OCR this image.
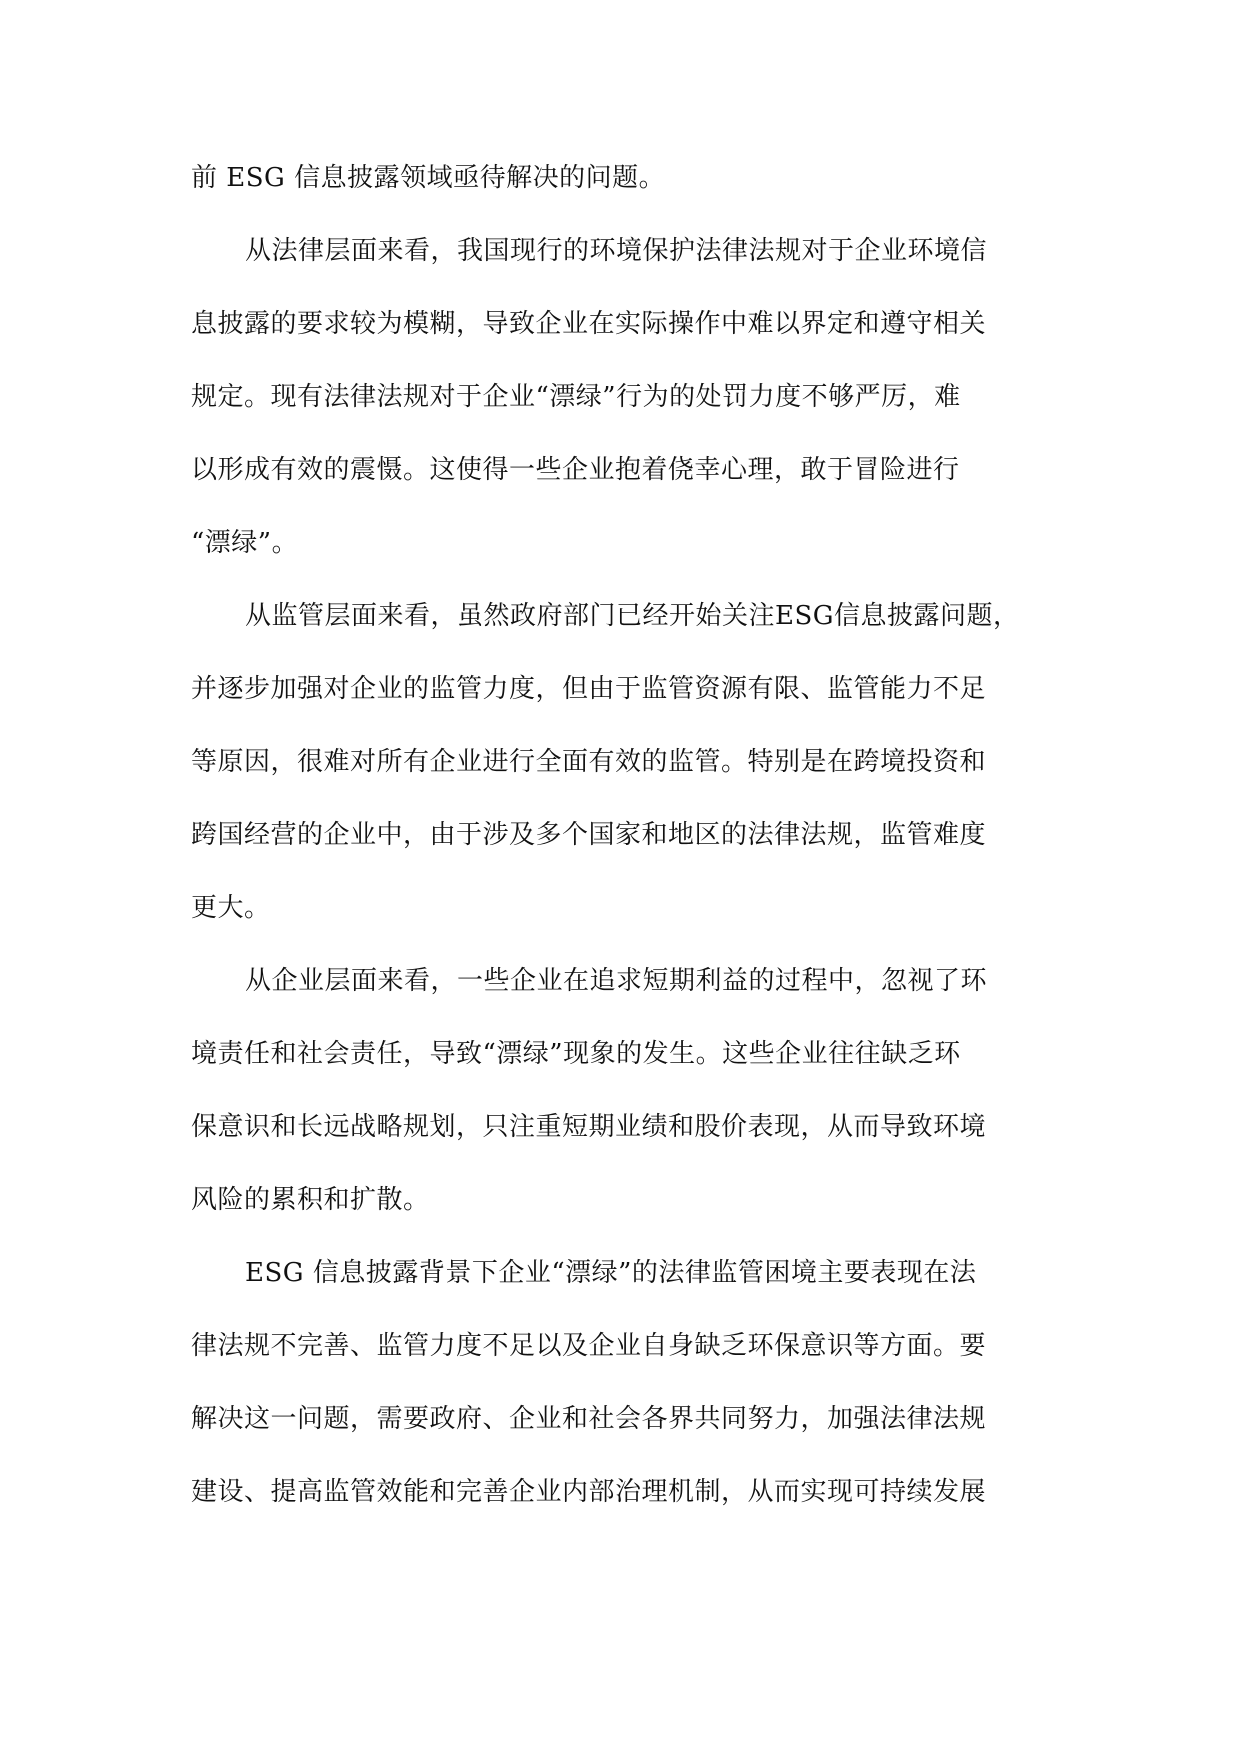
前 ESG 信息披露领域亟待解决的问题。
从法律层面来看，我国现行的环境保护法律法规对于企业环境信
息披露的要求较为模糊，导致企业在实际操作中难以界定和遵守相关
规定。现有法律法规对于企业“漂绿”行为的处罚力度不够严厉，难
以形成有效的震慑。这使得一些企业抱着侥幸心理，敢于冒险进行
“漂绿”。
从监管层面来看，虽然政府部门已经开始关注ESG信息披露问题，
并逐步加强对企业的监管力度，但由于监管资源有限、监管能力不足
等原因，很难对所有企业进行全面有效的监管。特别是在跨境投资和
跨国经营的企业中，由于涉及多个国家和地区的法律法规，监管难度
更大。
从企业层面来看，一些企业在追求短期利益的过程中，忽视了环
境责任和社会责任，导致“漂绿”现象的发生。这些企业往往缺乏环
保意识和长远战略规划，只注重短期业绩和股价表现，从而导致环境
风险的累积和扩散。
ESG 信息披露背景下企业“漂绿”的法律监管困境主要表现在法
律法规不完善、监管力度不足以及企业自身缺乏环保意识等方面。要
解决这一问题，需要政府、企业和社会各界共同努力，加强法律法规
建设、提高监管效能和完善企业内部治理机制，从而实现可持续发展
